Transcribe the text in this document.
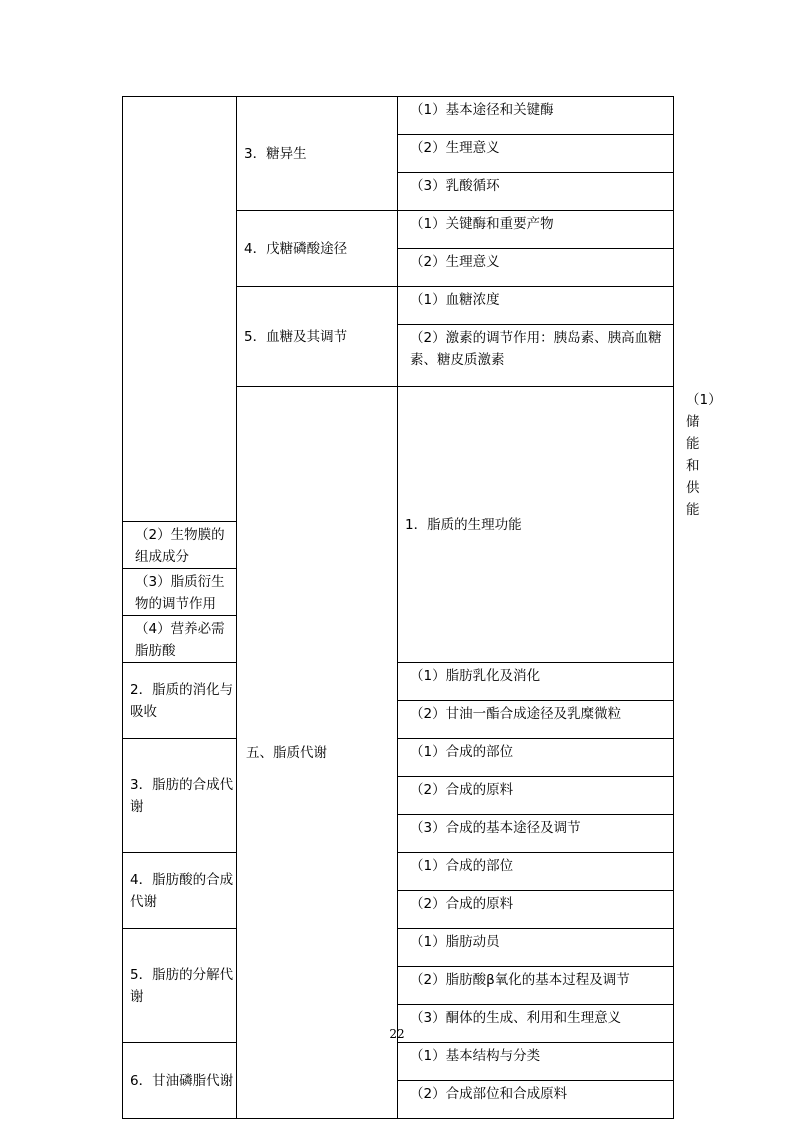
	3．糖异生	（1）基本途径和关键酶	
		（2）生理意义	
		（3）乳酸循环	
	4．戊糖磷酸途径	（1）关键酶和重要产物	
		（2）生理意义	
	5．血糖及其调节	（1）血糖浓度	
		（2）激素的调节作用：胰岛素、胰高血糖素、糖皮质激素	
	五、脂质代谢	1．脂质的生理功能	（1）储能和供能
（2）生物膜的组成成分			
（3）脂质衍生物的调节作用			
（4）营养必需脂肪酸			
2．脂质的消化与吸收		（1）脂肪乳化及消化	
		（2）甘油一酯合成途径及乳糜微粒	
3．脂肪的合成代谢		（1）合成的部位	
		（2）合成的原料	
		（3）合成的基本途径及调节	
4．脂肪酸的合成代谢		（1）合成的部位	
		（2）合成的原料	
5．脂肪的分解代谢		（1）脂肪动员	
		（2）脂肪酸β氧化的基本过程及调节	
		（3）酮体的生成、利用和生理意义	
6．甘油磷脂代谢		（1）基本结构与分类	
		（2）合成部位和合成原料	
22
